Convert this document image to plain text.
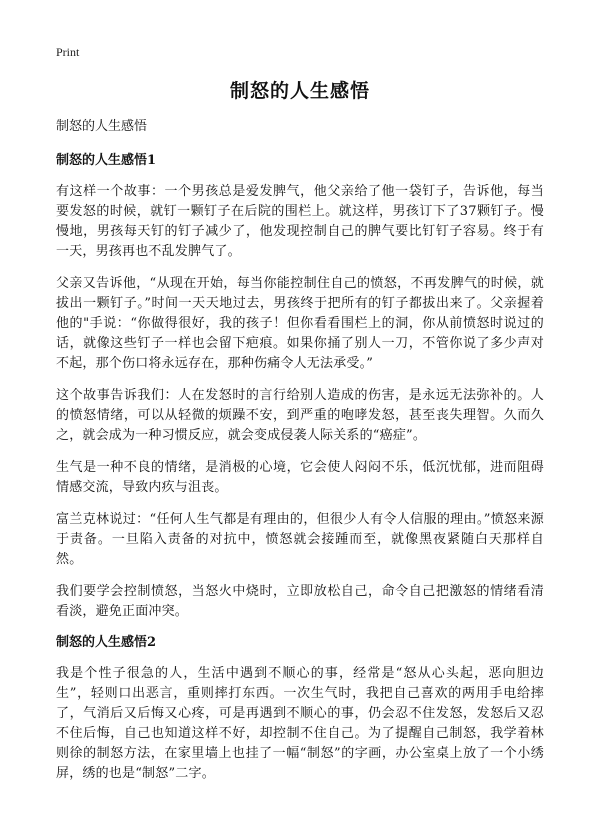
Print
制怒的人生感悟
制怒的人生感悟
制怒的人生感悟1

有这样一个故事：一个男孩总是爱发脾气，他父亲给了他一袋钉子，告诉他，每当要发怒的时候，就钉一颗钉子在后院的围栏上。就这样，男孩订下了37颗钉子。慢慢地，男孩每天钉的钉子减少了，他发现控制自己的脾气要比钉钉子容易。终于有一天，男孩再也不乱发脾气了。

父亲又告诉他，“从现在开始，每当你能控制住自己的愤怒，不再发脾气的时候，就拔出一颗钉子。”时间一天天地过去，男孩终于把所有的钉子都拔出来了。父亲握着他的"手说：“你做得很好，我的孩子！但你看看围栏上的洞，你从前愤怒时说过的话，就像这些钉子一样也会留下疤痕。如果你捅了别人一刀，不管你说了多少声对不起，那个伤口将永远存在，那种伤痛令人无法承受。”

这个故事告诉我们：人在发怒时的言行给别人造成的伤害，是永远无法弥补的。人的愤怒情绪，可以从轻微的烦躁不安，到严重的咆哮发怒，甚至丧失理智。久而久之，就会成为一种习惯反应，就会变成侵袭人际关系的“癌症”。

生气是一种不良的情绪，是消极的心境，它会使人闷闷不乐，低沉忧郁，进而阻碍情感交流，导致内疚与沮丧。

富兰克林说过：“任何人生气都是有理由的，但很少人有令人信服的理由。”愤怒来源于责备。一旦陷入责备的对抗中，愤怒就会接踵而至，就像黑夜紧随白天那样自然。

我们要学会控制愤怒，当怒火中烧时，立即放松自己，命令自己把激怒的情绪看清看淡，避免正面冲突。

制怒的人生感悟2

我是个性子很急的人，生活中遇到不顺心的事，经常是“怒从心头起，恶向胆边生”，轻则口出恶言，重则摔打东西。一次生气时，我把自己喜欢的两用手电给摔了，气消后又后悔又心疼，可是再遇到不顺心的事，仍会忍不住发怒，发怒后又忍不住后悔，自己也知道这样不好，却控制不住自己。为了提醒自己制怒，我学着林则徐的制怒方法，在家里墙上也挂了一幅“制怒”的字画，办公室桌上放了一个小绣屏，绣的也是“制怒”二字。
